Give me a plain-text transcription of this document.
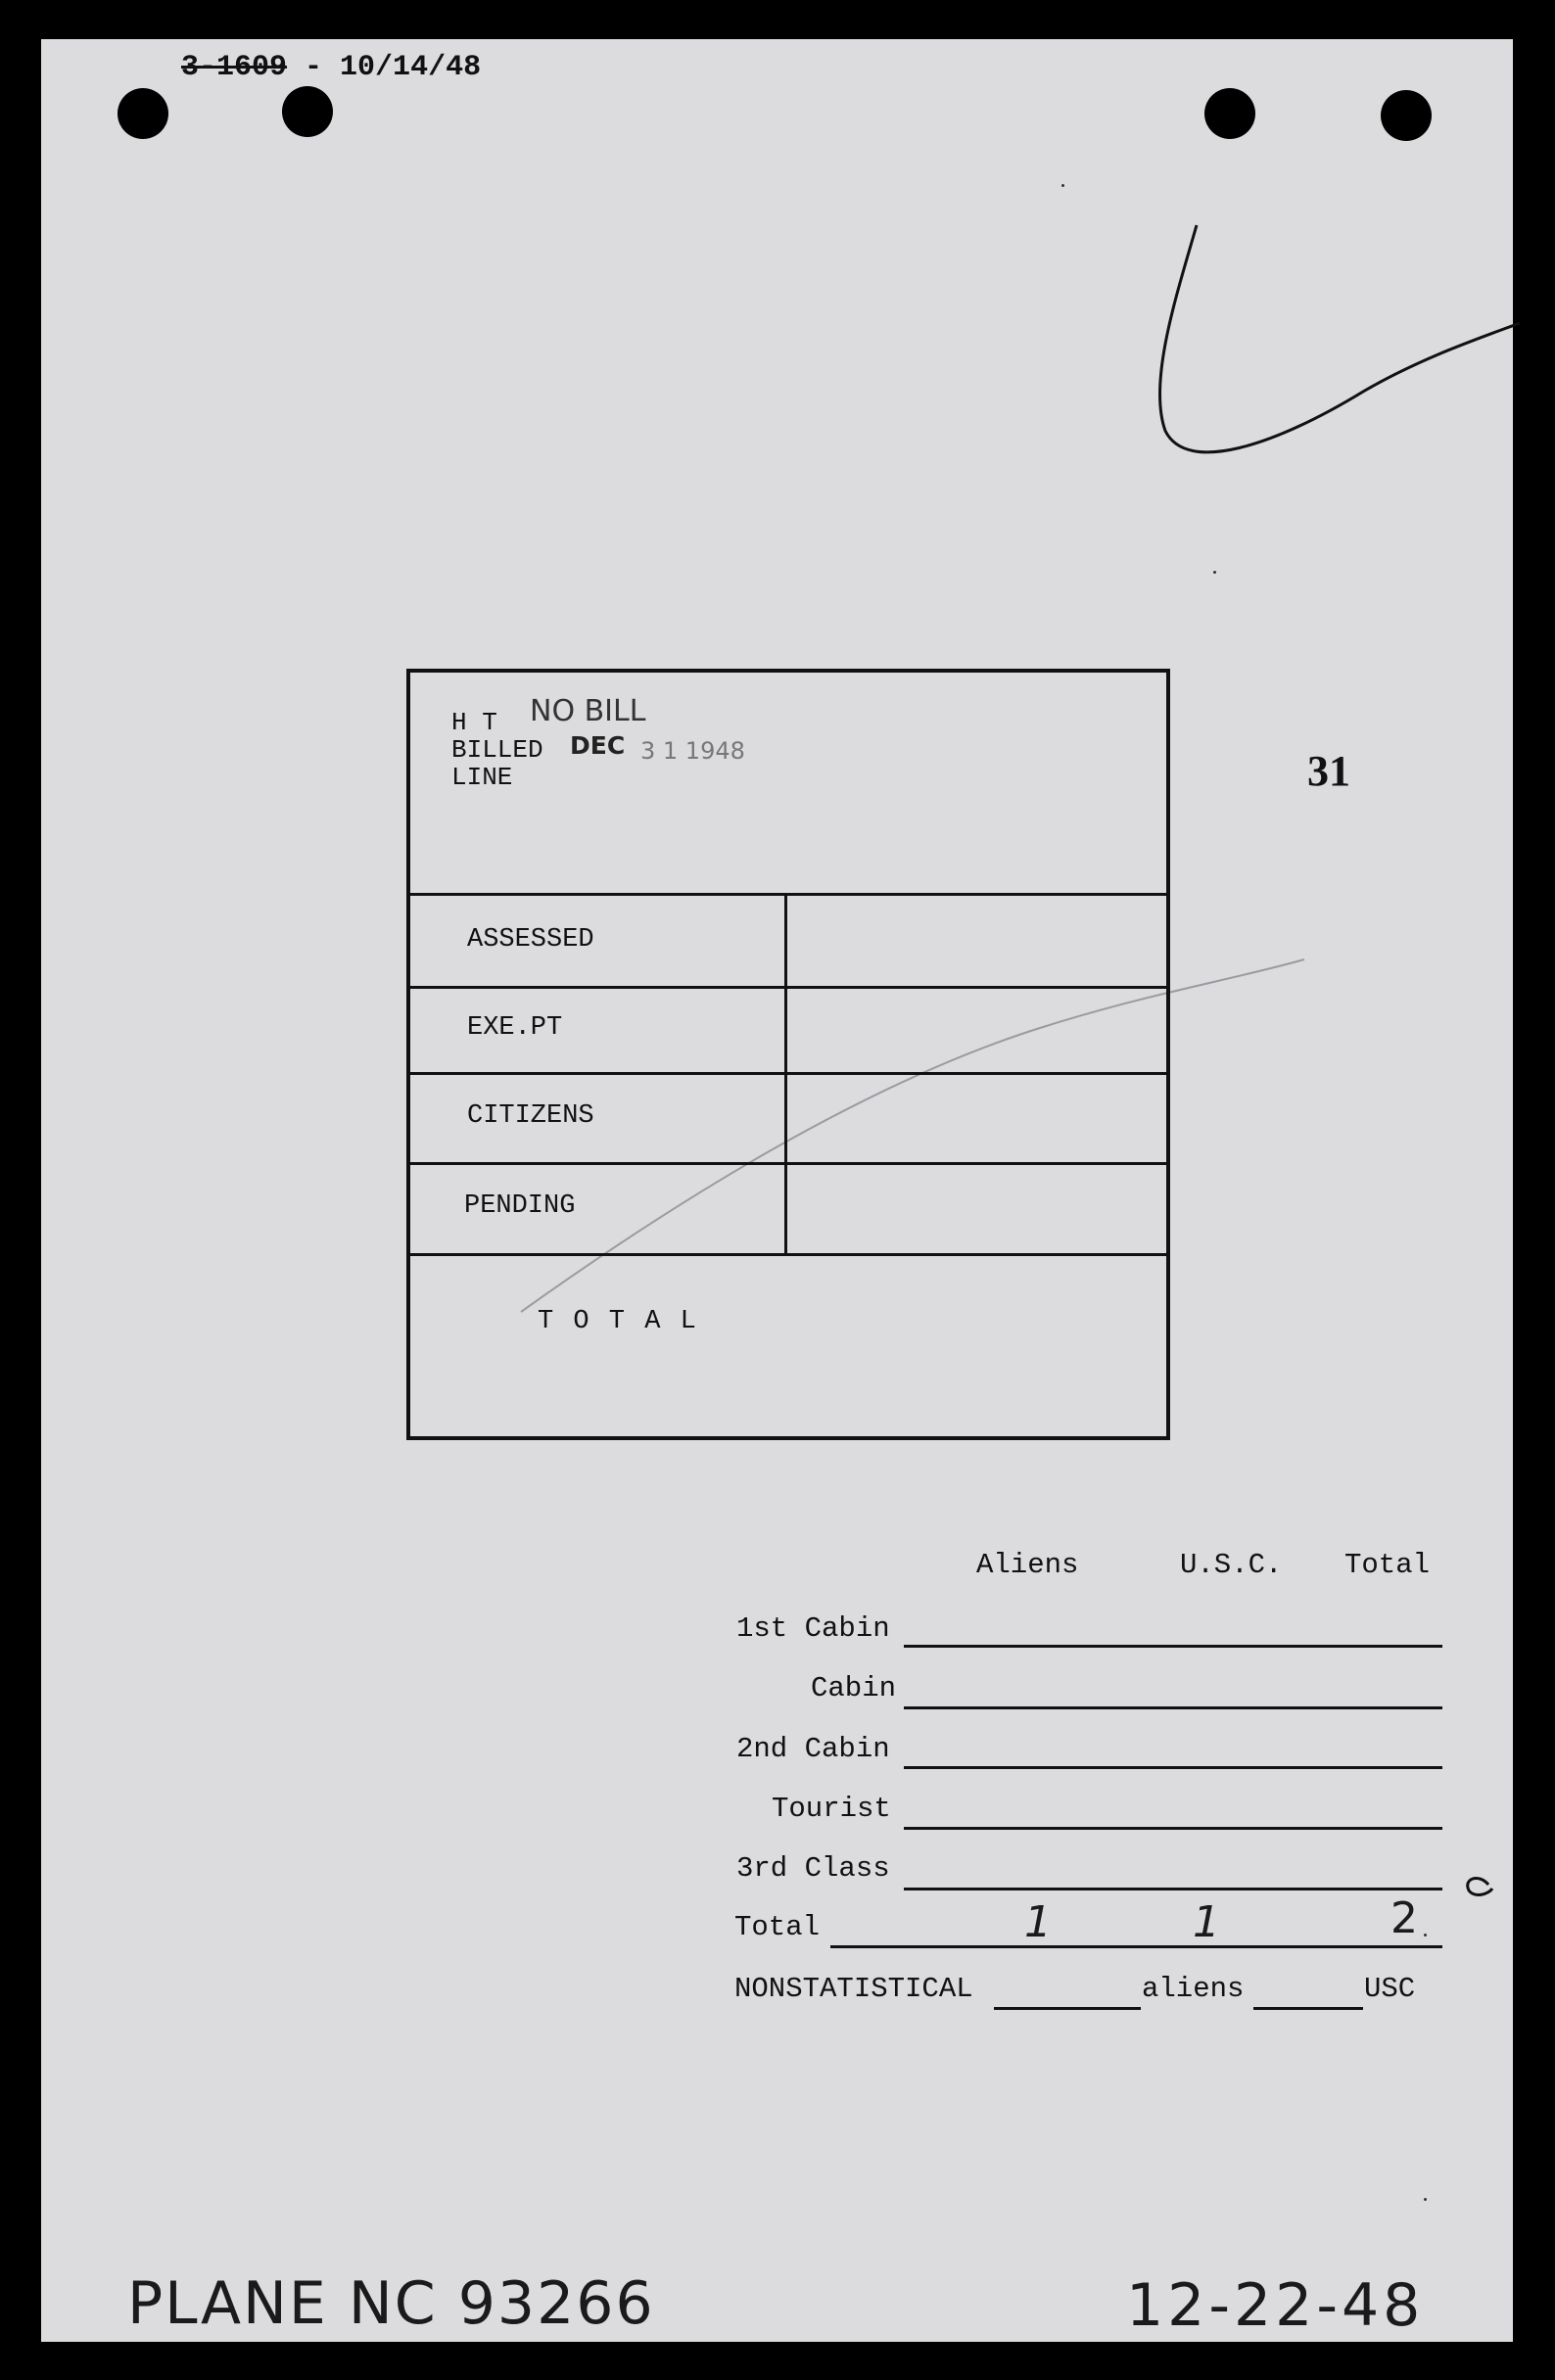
3-1609 - 10/14/48
H T NO BILL
BILLED DEC 3 1 1948
LINE
ASSESSED
EXE.PT
CITIZENS
PENDING
T O T A L
31
Aliens	U.S.C. Total
1st Cabin
Cabin
2nd Cabin
Tourist
3rd Class
Total	1	1	2
NONSTATISTICAL	aliens	USC
PLANE NC 93266	12-22-48
